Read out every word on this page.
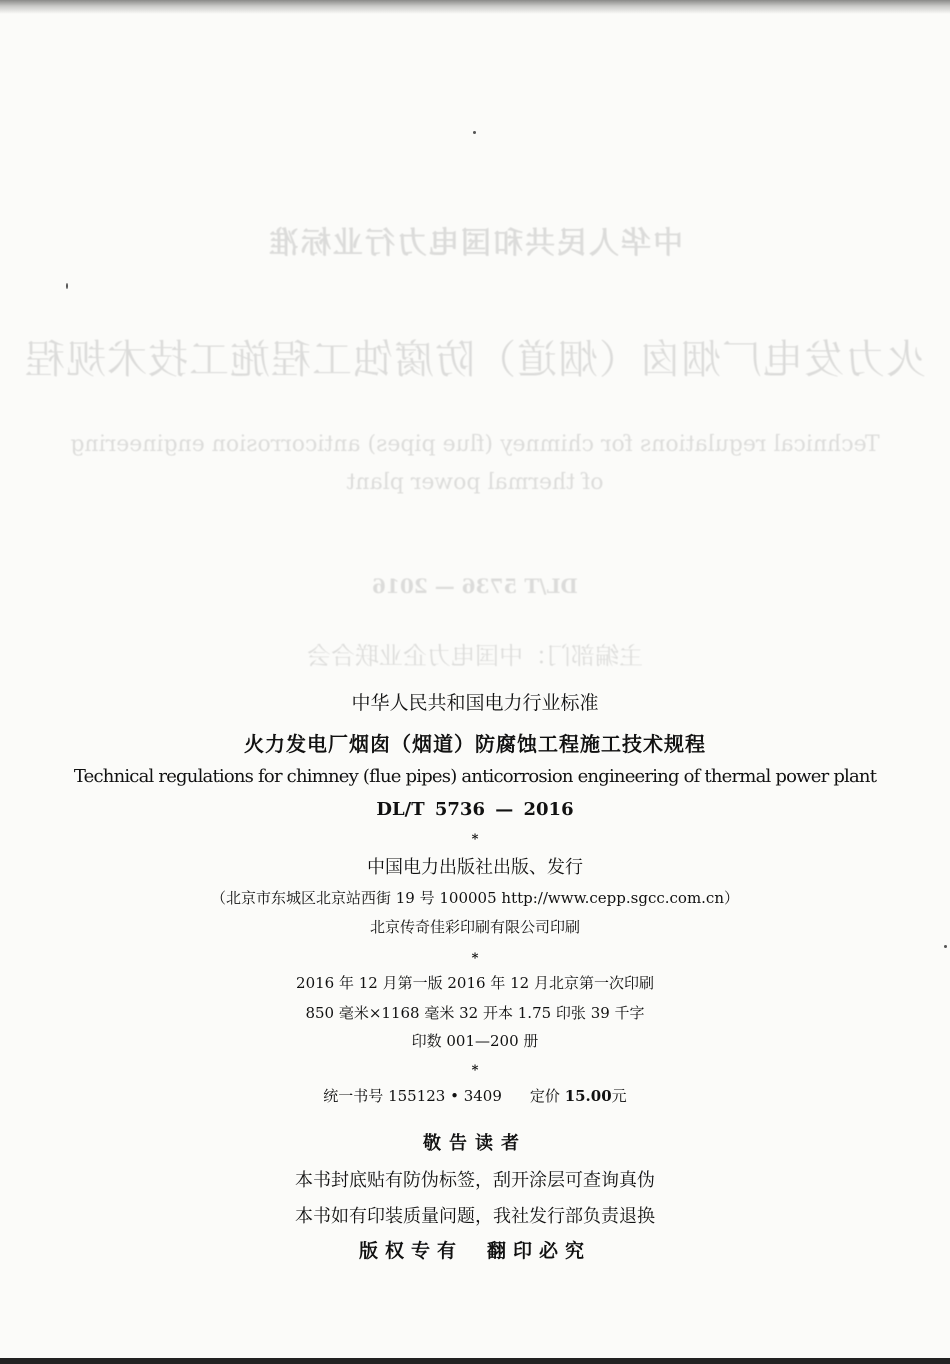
中华人民共和国电力行业标准
火力发电厂烟囱（烟道）防腐蚀工程施工技术规程
Technical regulations for chimney (flue pipes) anticorrosion engineering
of thermal power plant
DL/T 5736 — 2016
主编部门：中国电力企业联合会
中华人民共和国电力行业标准
火力发电厂烟囱（烟道）防腐蚀工程施工技术规程
Technical regulations for chimney (flue pipes) anticorrosion engineering of thermal power plant
DL/T 5736 — 2016
*
中国电力出版社出版、发行
（北京市东城区北京站西街 19 号 100005 http://www.cepp.sgcc.com.cn）
北京传奇佳彩印刷有限公司印刷
*
2016 年 12 月第一版 2016 年 12 月北京第一次印刷
850 毫米×1168 毫米 32 开本 1.75 印张 39 千字
印数 001—200 册
*
统一书号 155123 • 3409 定价 15.00元
敬告读者
本书封底贴有防伪标签，刮开涂层可查询真伪
本书如有印装质量问题，我社发行部负责退换
版权专有 翻印必究
